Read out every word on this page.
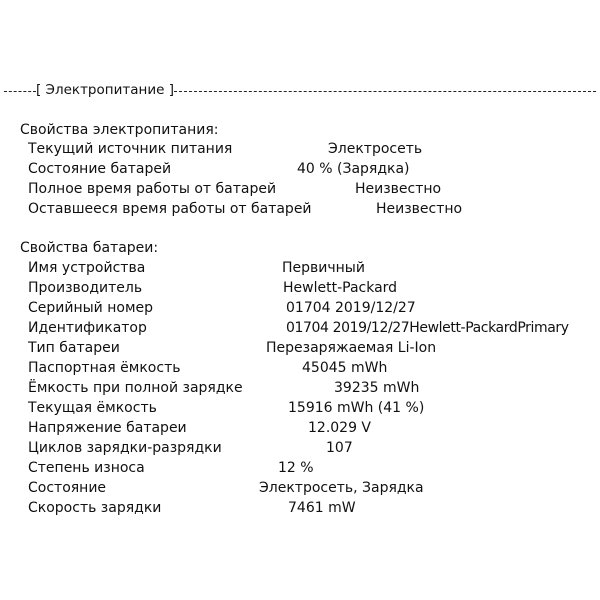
[ Электропитание ]
Свойства электропитания:
Текущий источник питания	Электросеть
Состояние батарей	40 % (Зарядка)
Полное время работы от батарей	Неизвестно
Оставшееся время работы от батарей	Неизвестно
Свойства батареи:
Имя устройства	Первичный
Производитель	Hewlett-Packard
Серийный номер	01704 2019/12/27
Идентификатор	01704 2019/12/27Hewlett-PackardPrimary
Тип батареи	Перезаряжаемая Li-Ion
Паспортная ёмкость	45045 mWh
Ёмкость при полной зарядке	39235 mWh
Текущая ёмкость	15916 mWh (41 %)
Напряжение батареи	12.029 V
Циклов зарядки-разрядки	107
Степень износа	12 %
Состояние	Электросеть, Зарядка
Скорость зарядки	7461 mW
